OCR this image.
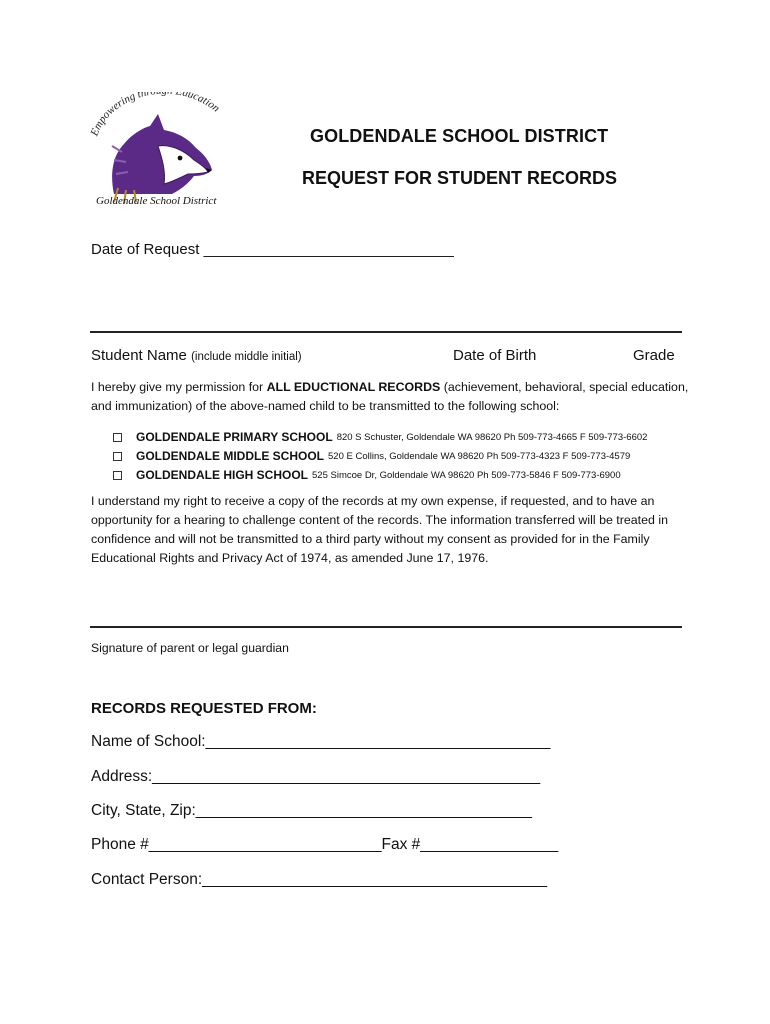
Empowering thr ducation
Goldendale School District
GOLDENDALE SCHOOL DISTRICT
REQUEST FOR STUDENT RECORDS
Date of Request ______________________________
Student Name (include middle initial)	Date of Birth	Grade
I hereby give my permission for ALL EDUCTIONAL RECORDS (achievement, behavioral, special education, and immunization) of the above-named child to be transmitted to the following school:
GOLDENDALE PRIMARY SCHOOL 820 S Schuster, Goldendale WA 98620 Ph 509-773-4665 F 509-773-6602
GOLDENDALE MIDDLE SCHOOL 520 E Collins, Goldendale WA 98620 Ph 509-773-4323 F 509-773-4579
GOLDENDALE HIGH SCHOOL 525 Simcoe Dr, Goldendale WA 98620 Ph 509-773-5846 F 509-773-6900
I understand my right to receive a copy of the records at my own expense, if requested, and to have an opportunity for a hearing to challenge content of the records. The information transferred will be treated in confidence and will not be transmitted to a third party without my consent as provided for in the Family Educational Rights and Privacy Act of 1974, as amended June 17, 1976.
Signature of parent or legal guardian
RECORDS REQUESTED FROM:
Name of School:________________________________________
Address:_____________________________________________
City, State, Zip:_______________________________________
Phone #___________________________Fax #________________
Contact Person:________________________________________
